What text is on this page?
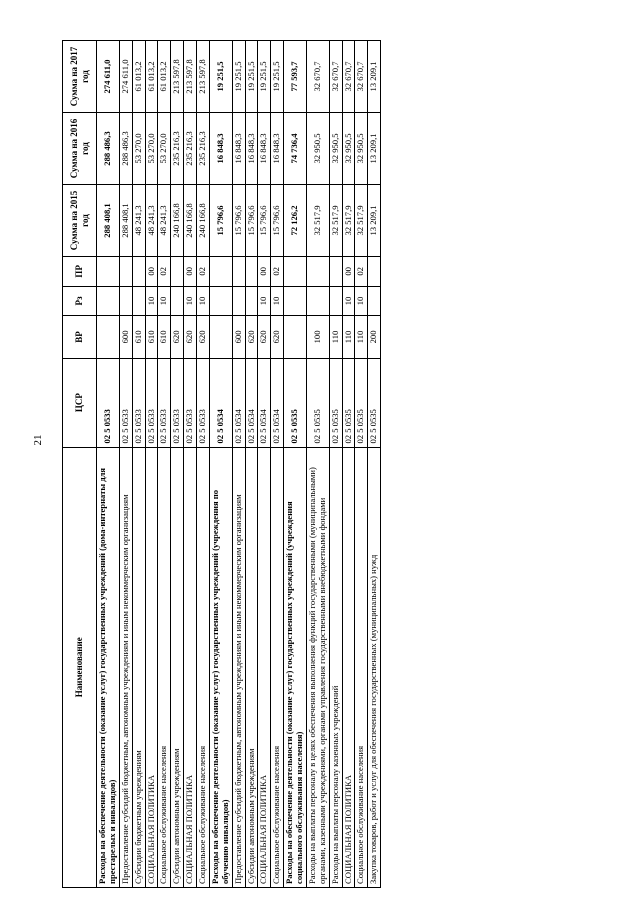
21
Наименование	ЦСР	ВР	Рз	ПР	Сумма на 2015 год	Сумма на 2016 год	Сумма на 2017 год
Расходы на обеспечение деятельности (оказание услуг) государственных учреждений (дома-интернаты для престарелых и инвалидов)	02 5 0533				288 408,1	288 486,3	274 611,0
Предоставление субсидий бюджетным, автономным учреждениям и иным некоммерческим организациям	02 5 0533	600			288 408,1	288 486,3	274 611,0
Субсидии бюджетным учреждениям	02 5 0533	610			48 241,3	53 270,0	61 013,2
СОЦИАЛЬНАЯ ПОЛИТИКА	02 5 0533	610	10	00	48 241,3	53 270,0	61 013,2
Социальное обслуживание населения	02 5 0533	610	10	02	48 241,3	53 270,0	61 013,2
Субсидии автономным учреждениям	02 5 0533	620			240 166,8	235 216,3	213 597,8
СОЦИАЛЬНАЯ ПОЛИТИКА	02 5 0533	620	10	00	240 166,8	235 216,3	213 597,8
Социальное обслуживание населения	02 5 0533	620	10	02	240 166,8	235 216,3	213 597,8
Расходы на обеспечение деятельности (оказание услуг) государственных учреждений (учреждения по обучению инвалидов)	02 5 0534				15 796,6	16 848,3	19 251,5
Предоставление субсидий бюджетным, автономным учреждениям и иным некоммерческим организациям	02 5 0534	600			15 796,6	16 848,3	19 251,5
Субсидии автономным учреждениям	02 5 0534	620			15 796,6	16 848,3	19 251,5
СОЦИАЛЬНАЯ ПОЛИТИКА	02 5 0534	620	10	00	15 796,6	16 848,3	19 251,5
Социальное обслуживание населения	02 5 0534	620	10	02	15 796,6	16 848,3	19 251,5
Расходы на обеспечение деятельности (оказание услуг) государственных учреждений (учреждения социального обслуживания населения)	02 5 0535				72 126,2	74 736,4	77 593,7
Расходы на выплаты персоналу в целях обеспечения выполнения функций государственными (муниципальными) органами, казенными учреждениями, органами управления государственными внебюджетными фондами	02 5 0535	100			32 517,9	32 950,5	32 670,7
Расходы на выплаты персоналу казенных учреждений	02 5 0535	110			32 517,9	32 950,5	32 670,7
СОЦИАЛЬНАЯ ПОЛИТИКА	02 5 0535	110	10	00	32 517,9	32 950,5	32 670,7
Социальное обслуживание населения	02 5 0535	110	10	02	32 517,9	32 950,5	32 670,7
Закупка товаров, работ и услуг для обеспечения государственных (муниципальных) нужд	02 5 0535	200			13 209,1	13 209,1	13 209,1
